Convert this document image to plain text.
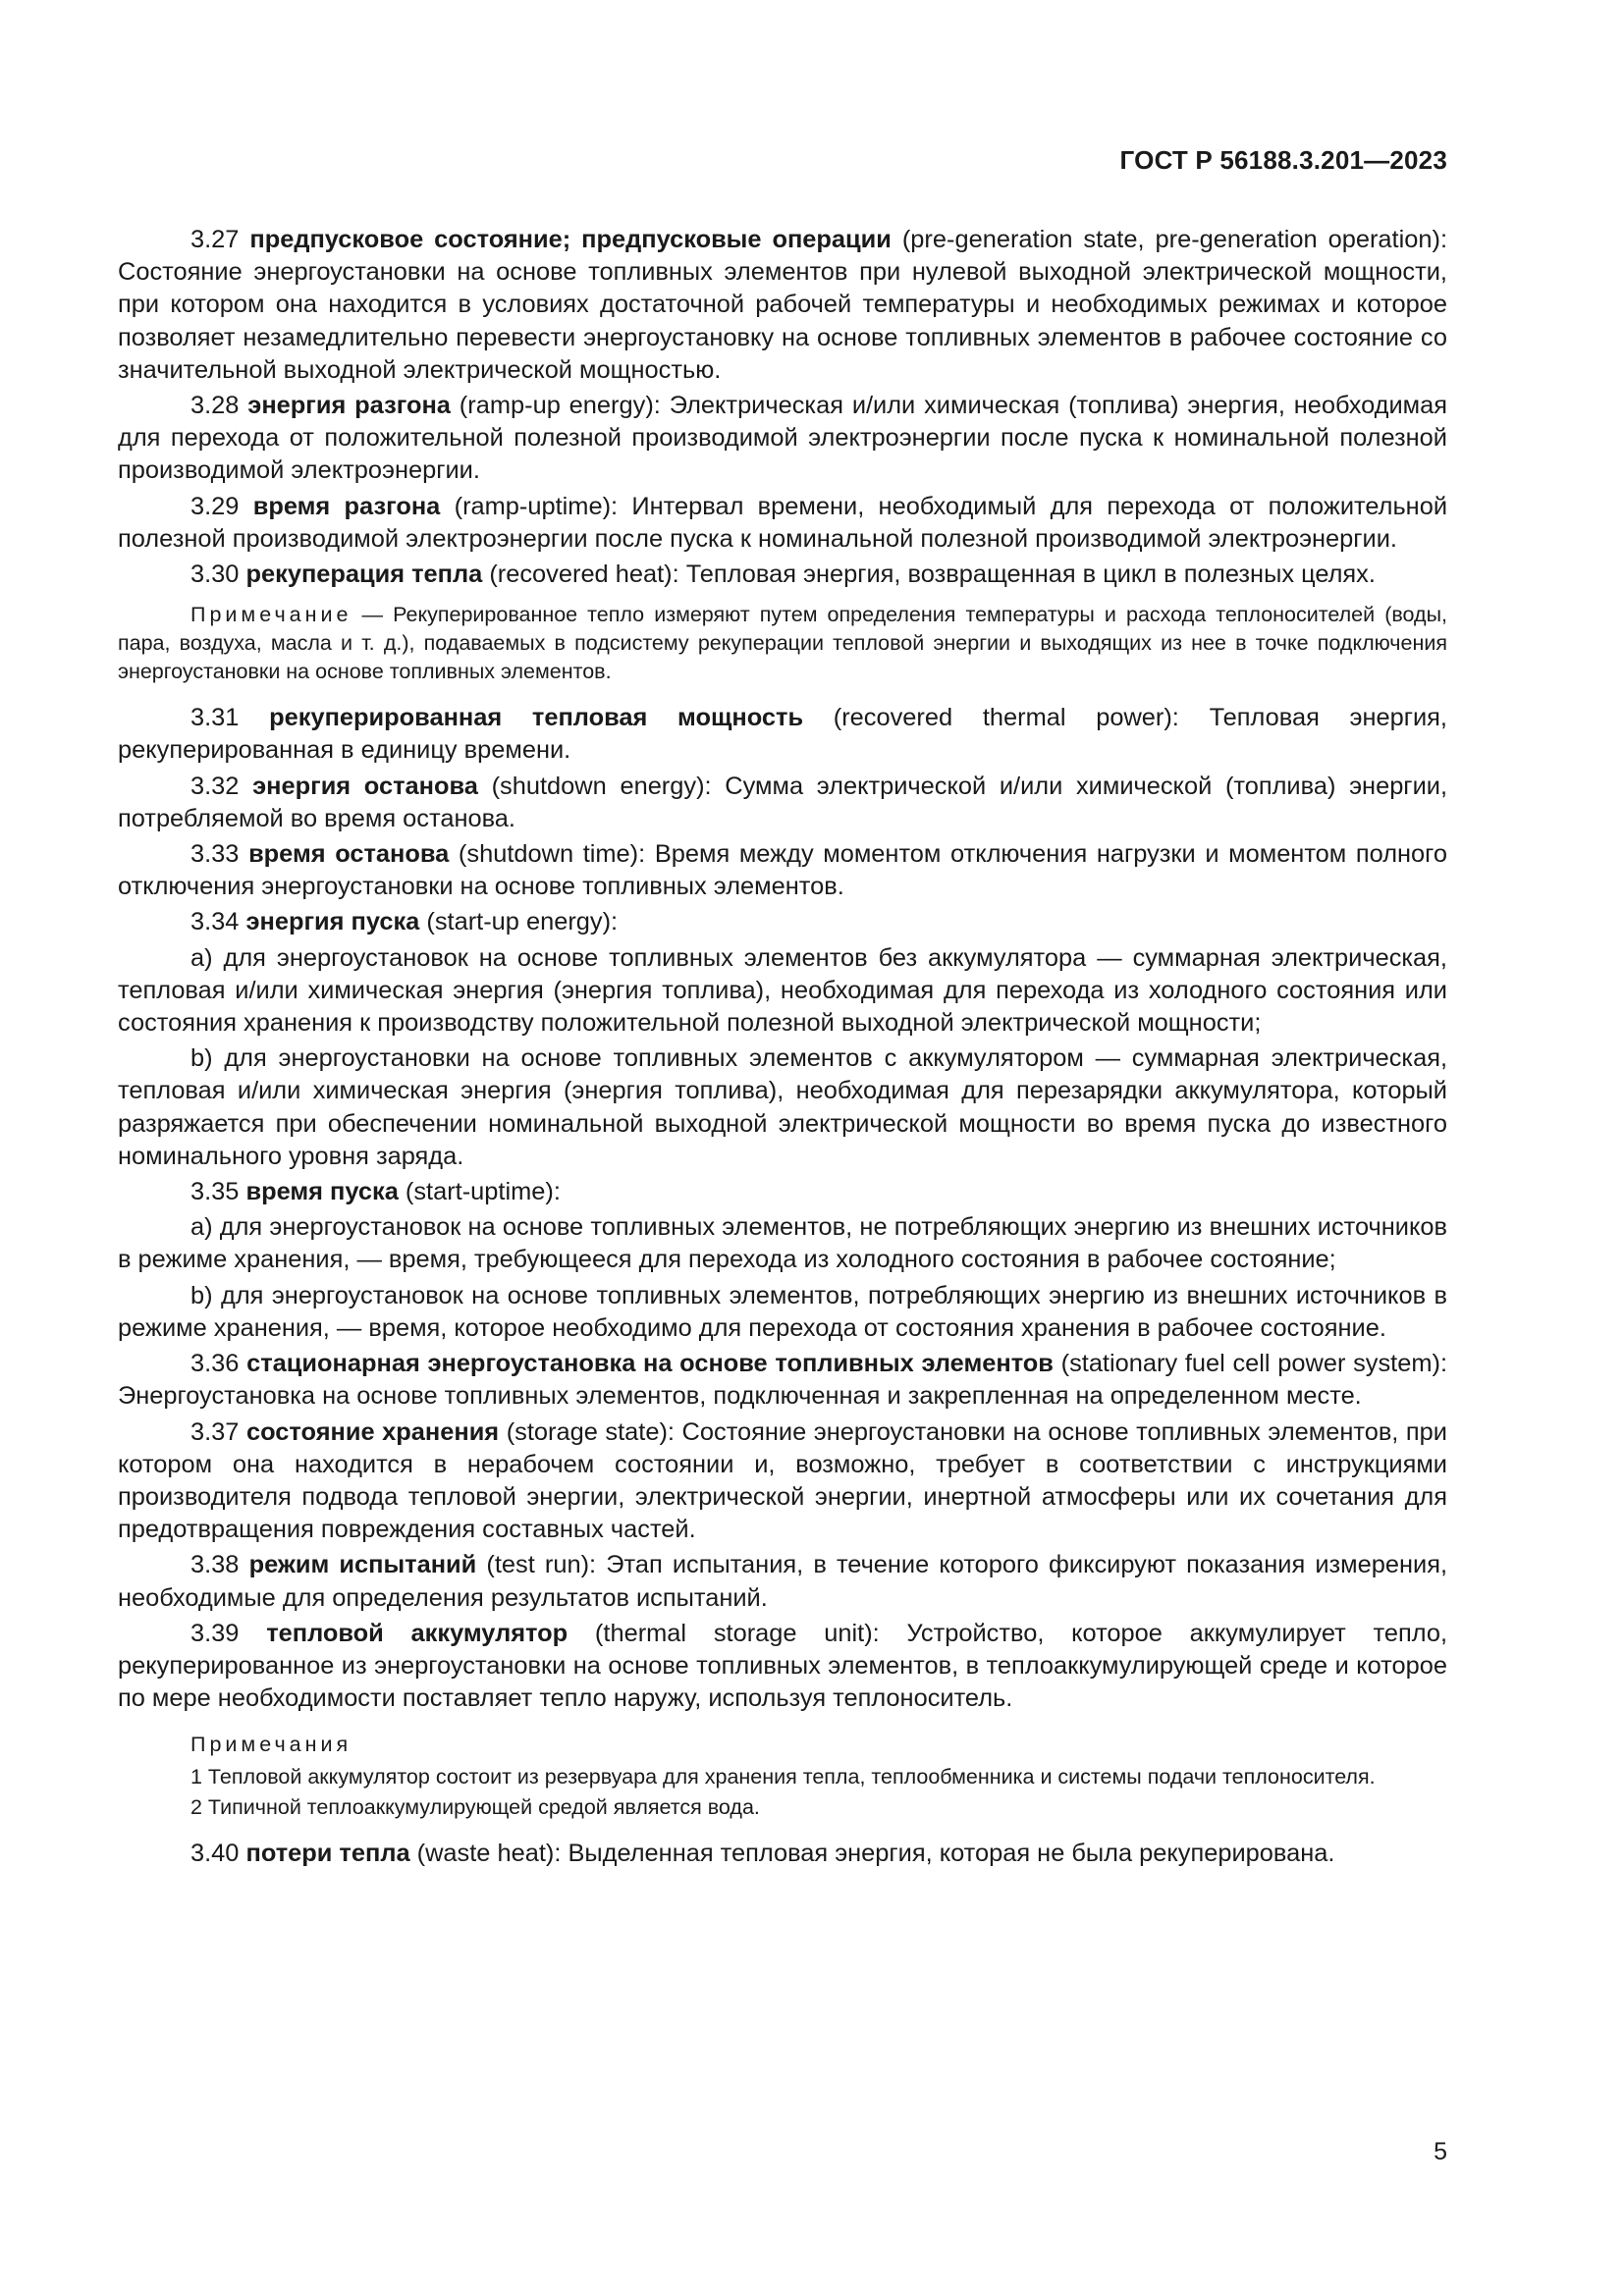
ГОСТ Р 56188.3.201—2023

3.27 предпусковое состояние; предпусковые операции (pre-generation state, pre-generation operation): Состояние энергоустановки на основе топливных элементов при нулевой выходной электрической мощности, при котором она находится в условиях достаточной рабочей температуры и необходимых режимах и которое позволяет незамедлительно перевести энергоустановку на основе топливных элементов в рабочее состояние со значительной выходной электрической мощностью.

3.28 энергия разгона (ramp-up energy): Электрическая и/или химическая (топлива) энергия, необходимая для перехода от положительной полезной производимой электроэнергии после пуска к номинальной полезной производимой электроэнергии.

3.29 время разгона (ramp-uptime): Интервал времени, необходимый для перехода от положительной полезной производимой электроэнергии после пуска к номинальной полезной производимой электроэнергии.

3.30 рекуперация тепла (recovered heat): Тепловая энергия, возвращенная в цикл в полезных целях.

Примечание — Рекуперированное тепло измеряют путем определения температуры и расхода теплоносителей (воды, пара, воздуха, масла и т. д.), подаваемых в подсистему рекуперации тепловой энергии и выходящих из нее в точке подключения энергоустановки на основе топливных элементов.

3.31 рекуперированная тепловая мощность (recovered thermal power): Тепловая энергия, рекуперированная в единицу времени.

3.32 энергия останова (shutdown energy): Сумма электрической и/или химической (топлива) энергии, потребляемой во время останова.

3.33 время останова (shutdown time): Время между моментом отключения нагрузки и моментом полного отключения энергоустановки на основе топливных элементов.

3.34 энергия пуска (start-up energy):

a) для энергоустановок на основе топливных элементов без аккумулятора — суммарная электрическая, тепловая и/или химическая энергия (энергия топлива), необходимая для перехода из холодного состояния или состояния хранения к производству положительной полезной выходной электрической мощности;

b) для энергоустановки на основе топливных элементов с аккумулятором — суммарная электрическая, тепловая и/или химическая энергия (энергия топлива), необходимая для перезарядки аккумулятора, который разряжается при обеспечении номинальной выходной электрической мощности во время пуска до известного номинального уровня заряда.

3.35 время пуска (start-uptime):

a) для энергоустановок на основе топливных элементов, не потребляющих энергию из внешних источников в режиме хранения, — время, требующееся для перехода из холодного состояния в рабочее состояние;

b) для энергоустановок на основе топливных элементов, потребляющих энергию из внешних источников в режиме хранения, — время, которое необходимо для перехода от состояния хранения в рабочее состояние.

3.36 стационарная энергоустановка на основе топливных элементов (stationary fuel cell power system): Энергоустановка на основе топливных элементов, подключенная и закрепленная на определенном месте.

3.37 состояние хранения (storage state): Состояние энергоустановки на основе топливных элементов, при котором она находится в нерабочем состоянии и, возможно, требует в соответствии с инструкциями производителя подвода тепловой энергии, электрической энергии, инертной атмосферы или их сочетания для предотвращения повреждения составных частей.

3.38 режим испытаний (test run): Этап испытания, в течение которого фиксируют показания измерения, необходимые для определения результатов испытаний.

3.39 тепловой аккумулятор (thermal storage unit): Устройство, которое аккумулирует тепло, рекуперированное из энергоустановки на основе топливных элементов, в теплоаккумулирующей среде и которое по мере необходимости поставляет тепло наружу, используя теплоноситель.

Примечания

1 Тепловой аккумулятор состоит из резервуара для хранения тепла, теплообменника и системы подачи теплоносителя.

2 Типичной теплоаккумулирующей средой является вода.

3.40 потери тепла (waste heat): Выделенная тепловая энергия, которая не была рекуперирована.

5
